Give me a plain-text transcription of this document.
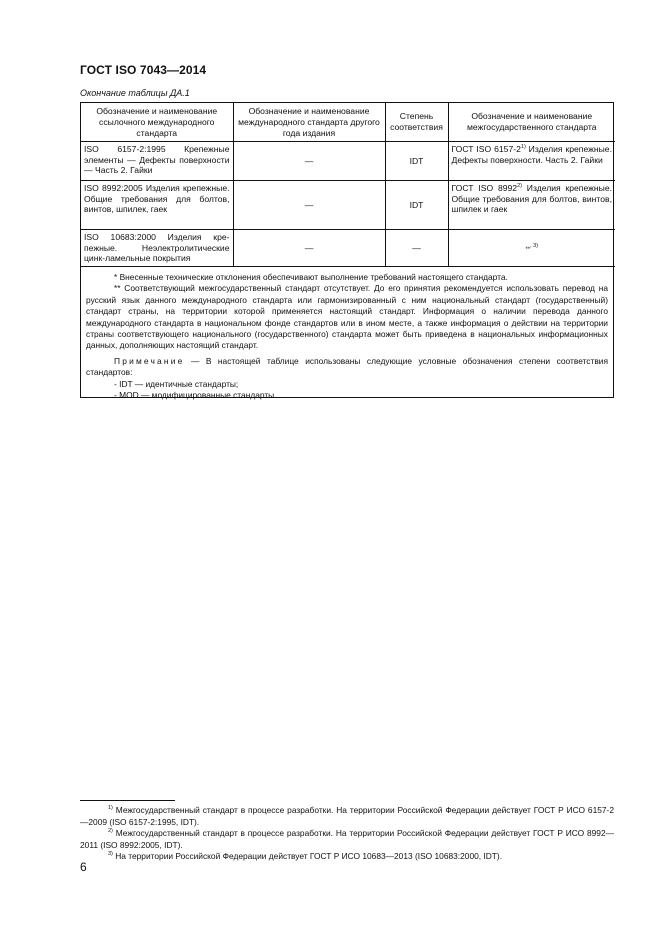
ГОСТ ISO 7043—2014
Окончание таблицы ДА.1
Обозначение и наименование ссылочного международного стандарта	Обозначение и наименование международного стандарта другого года издания	Степень соответствия	Обозначение и наименование межгосударственного стандарта
ISO 6157-2:1995 Крепежные элементы — Дефекты поверхности — Часть 2. Гайки	—	IDT	ГОСТ ISO 6157-2$^{1)}$ Изделия крепежные. Дефекты поверхности. Часть 2. Гайки
ISO 8992:2005 Изделия крепежные. Общие требования для болтов, винтов, шпилек, гаек	—	IDT	ГОСТ ISO 8992$^{2)}$ Изделия крепежные. Общие требования для болтов, винтов, шпилек и гаек
ISO 10683:2000 Изделия крепежные. Неэлектролитические цинк-ламельные покрытия	—	—	**$^{, 3)}$

* Внесенные технические отклонения обеспечивают выполнение требований настоящего стандарта.

** Соответствующий межгосударственный стандарт отсутствует. До его принятия рекомендуется использовать перевод на русский язык данного международного стандарта или гармонизированный с ним национальный стандарт (государственный) стандарт страны, на территории которой применяется настоящий стандарт. Информация о наличии перевода данного международного стандарта в национальном фонде стандартов или в ином месте, а также информация о действии на территории страны соответствующего национального (государственного) стандарта может быть приведена в национальных информационных данных, дополняющих настоящий стандарт.

Примечание — В настоящей таблице использованы следующие условные обозначения степени соответствия стандартов:

- IDT — идентичные стандарты;

- MOD — модифицированные стандарты.

$^{1)}$ Межгосударственный стандарт в процессе разработки. На территории Российской Федерации действует ГОСТ Р ИСО 6157-2—2009 (ISO 6157-2:1995, IDT).

$^{2)}$ Межгосударственный стандарт в процессе разработки. На территории Российской Федерации действует ГОСТ Р ИСО 8992—2011 (ISO 8992:2005, IDT).

$^{3)}$ На территории Российской Федерации действует ГОСТ Р ИСО 10683—2013 (ISO 10683:2000, IDT).

6
